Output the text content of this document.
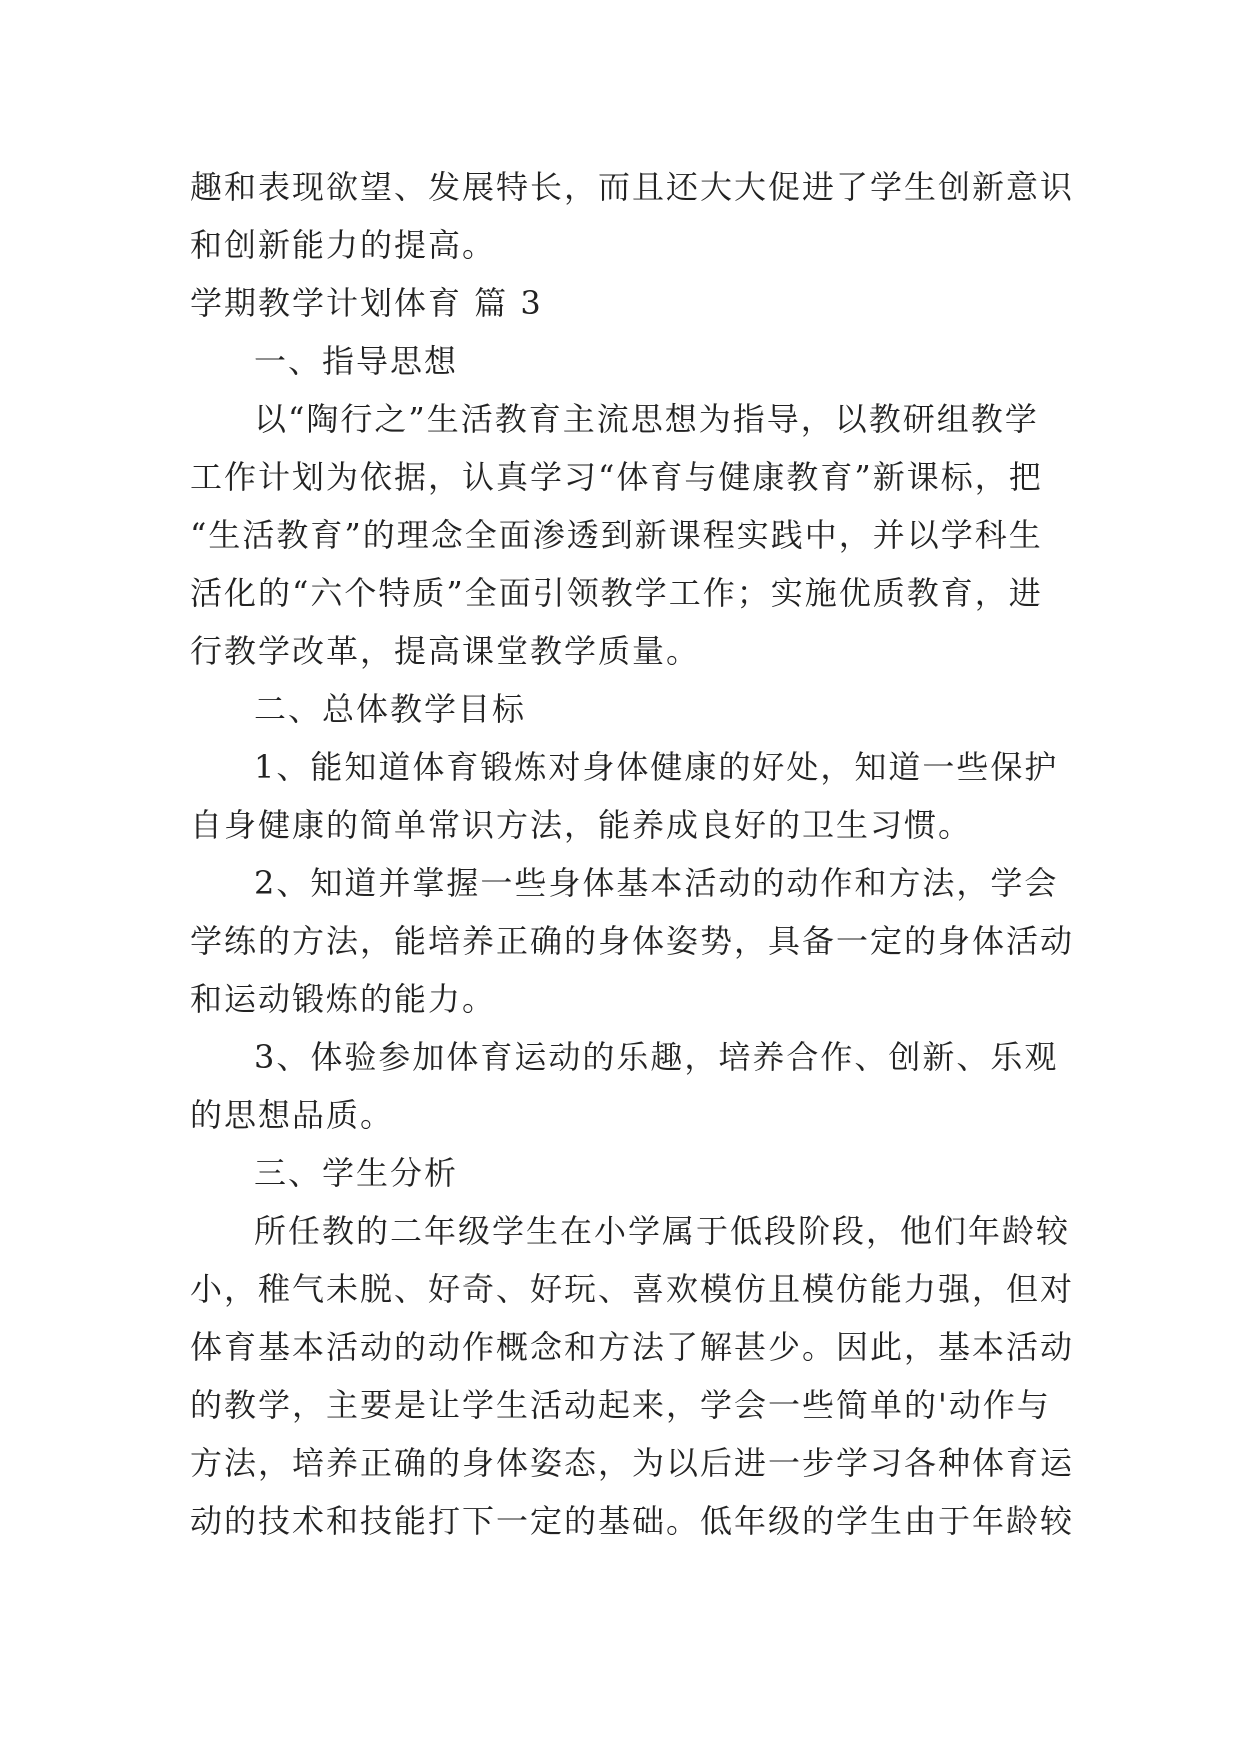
趣和表现欲望、发展特长，而且还大大促进了学生创新意识
和创新能力的提高。
学期教学计划体育 篇 3
一、指导思想
以“陶行之”生活教育主流思想为指导，以教研组教学
工作计划为依据，认真学习“体育与健康教育”新课标，把
“生活教育”的理念全面渗透到新课程实践中，并以学科生
活化的“六个特质”全面引领教学工作；实施优质教育，进
行教学改革，提高课堂教学质量。
二、总体教学目标
1、能知道体育锻炼对身体健康的好处，知道一些保护
自身健康的简单常识方法，能养成良好的卫生习惯。
2、知道并掌握一些身体基本活动的动作和方法，学会
学练的方法，能培养正确的身体姿势，具备一定的身体活动
和运动锻炼的能力。
3、体验参加体育运动的乐趣，培养合作、创新、乐观
的思想品质。
三、学生分析
所任教的二年级学生在小学属于低段阶段，他们年龄较
小，稚气未脱、好奇、好玩、喜欢模仿且模仿能力强，但对
体育基本活动的动作概念和方法了解甚少。因此，基本活动
的教学，主要是让学生活动起来，学会一些简单的'动作与
方法，培养正确的身体姿态，为以后进一步学习各种体育运
动的技术和技能打下一定的基础。低年级的学生由于年龄较
